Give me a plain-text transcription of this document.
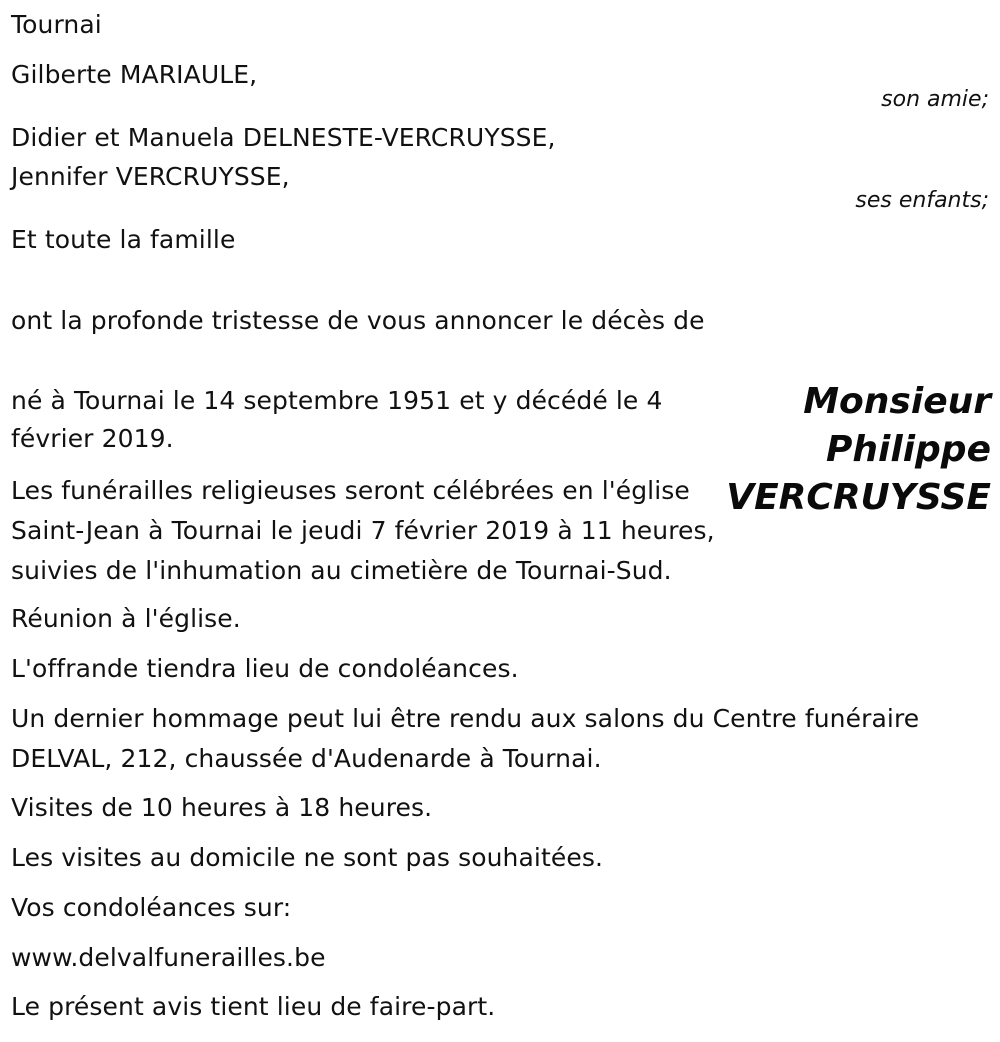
Tournai
Gilberte MARIAULE,
son amie;
Didier et Manuela DELNESTE-VERCRUYSSE,
Jennifer VERCRUYSSE,
ses enfants;
Et toute la famille
ont la profonde tristesse de vous annoncer le décès de
Monsieur
Philippe
VERCRUYSSE
né à Tournai le 14 septembre 1951 et y décédé le 4
février 2019.
Les funérailles religieuses seront célébrées en l'église
Saint-Jean à Tournai le jeudi 7 février 2019 à 11 heures,
suivies de l'inhumation au cimetière de Tournai-Sud.
Réunion à l'église.
L'offrande tiendra lieu de condoléances.
Un dernier hommage peut lui être rendu aux salons du Centre funéraire
DELVAL, 212, chaussée d'Audenarde à Tournai.
Visites de 10 heures à 18 heures.
Les visites au domicile ne sont pas souhaitées.
Vos condoléances sur:
www.delvalfunerailles.be
Le présent avis tient lieu de faire-part.
